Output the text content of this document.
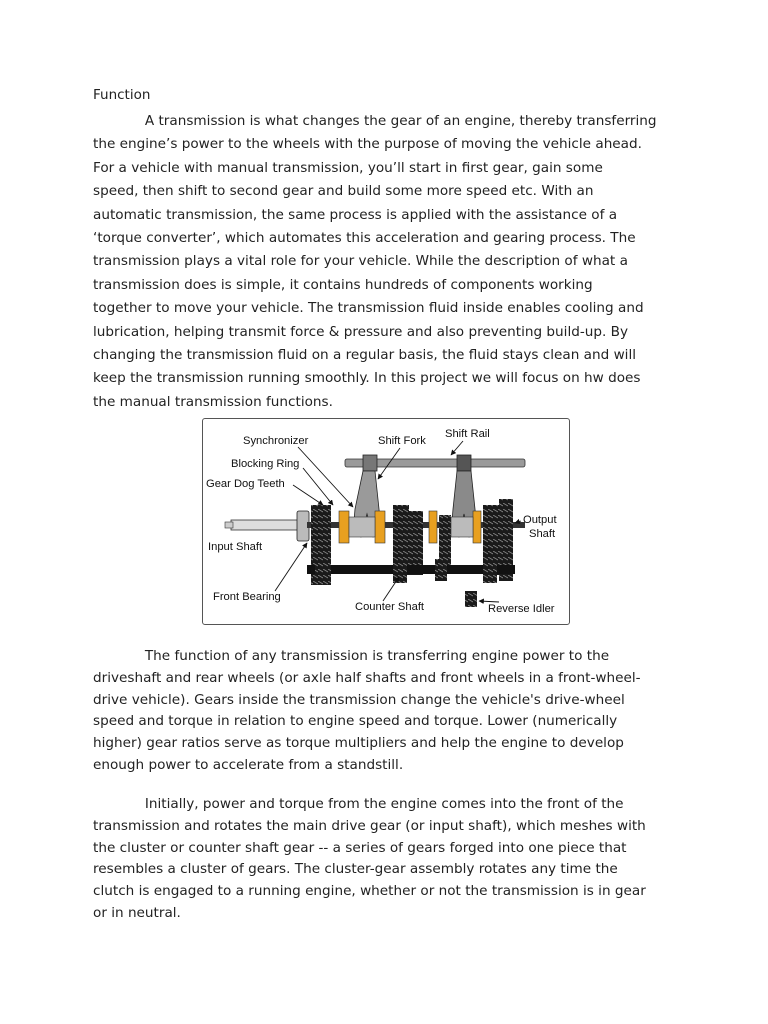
Function
A transmission is what changes the gear of an engine, thereby transferring
the engine’s power to the wheels with the purpose of moving the vehicle ahead.
For a vehicle with manual transmission, you’ll start in first gear, gain some
speed, then shift to second gear and build some more speed etc. With an
automatic transmission, the same process is applied with the assistance of a
‘torque converter’, which automates this acceleration and gearing process. The
transmission plays a vital role for your vehicle. While the description of what a
transmission does is simple, it contains hundreds of components working
together to move your vehicle. The transmission fluid inside enables cooling and
lubrication, helping transmit force & pressure and also preventing build-up. By
changing the transmission fluid on a regular basis, the fluid stays clean and will
keep the transmission running smoothly. In this project we will focus on hw does
the manual transmission functions.
Synchronizer	Shift Fork
Shift Rail
Blocking Ring
Gear Dog Teeth
Output
Shaft
Input Shaft
Front Bearing
Counter Shaft	Reverse Idler
The function of any transmission is transferring engine power to the
driveshaft and rear wheels (or axle half shafts and front wheels in a front-wheel-
drive vehicle). Gears inside the transmission change the vehicle's drive-wheel
speed and torque in relation to engine speed and torque. Lower (numerically
higher) gear ratios serve as torque multipliers and help the engine to develop
enough power to accelerate from a standstill.
Initially, power and torque from the engine comes into the front of the
transmission and rotates the main drive gear (or input shaft), which meshes with
the cluster or counter shaft gear -- a series of gears forged into one piece that
resembles a cluster of gears. The cluster-gear assembly rotates any time the
clutch is engaged to a running engine, whether or not the transmission is in gear
or in neutral.
